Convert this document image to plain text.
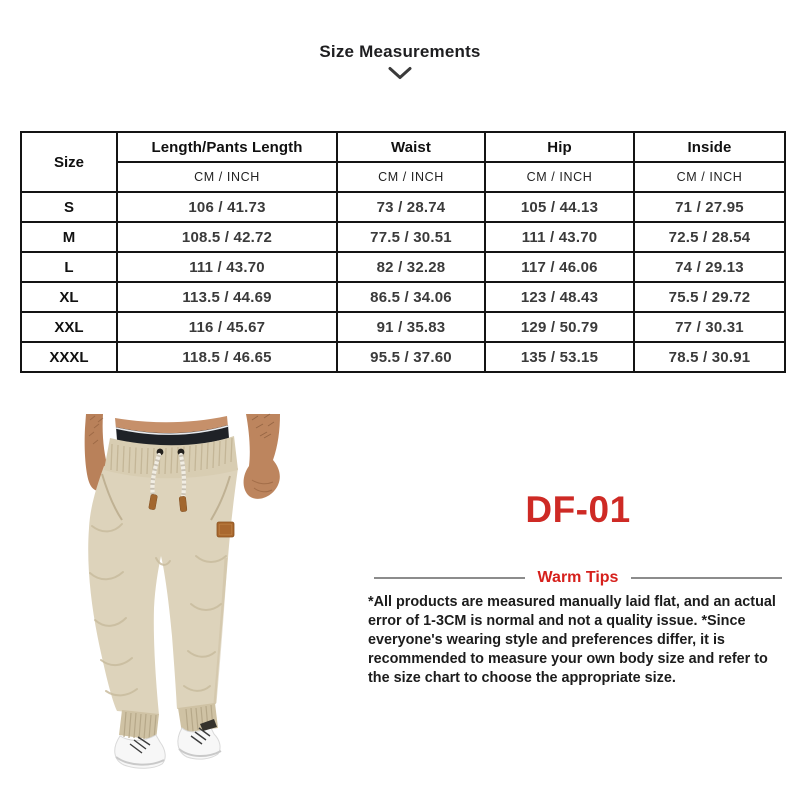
Size Measurements
Size	Length/Pants Length	Waist	Hip	Inside
	CM / INCH	CM / INCH	CM / INCH	CM / INCH
S	106 / 41.73	73 / 28.74	105 / 44.13	71 / 27.95
M	108.5 / 42.72	77.5 / 30.51	111 / 43.70	72.5 / 28.54
L	111 / 43.70	82 / 32.28	117 / 46.06	74 / 29.13
XL	113.5 / 44.69	86.5 / 34.06	123 / 48.43	75.5 / 29.72
XXL	116 / 45.67	91 / 35.83	129 / 50.79	77 / 30.31
XXXL	118.5 / 46.65	95.5 / 37.60	135 / 53.15	78.5 / 30.91
DF-01
Warm Tips

*All products are measured manually laid flat, and an actual error of 1-3CM is normal and not a quality issue. *Since everyone's wearing style and preferences differ, it is recommended to measure your own body size and refer to the size chart to choose the appropriate size.
